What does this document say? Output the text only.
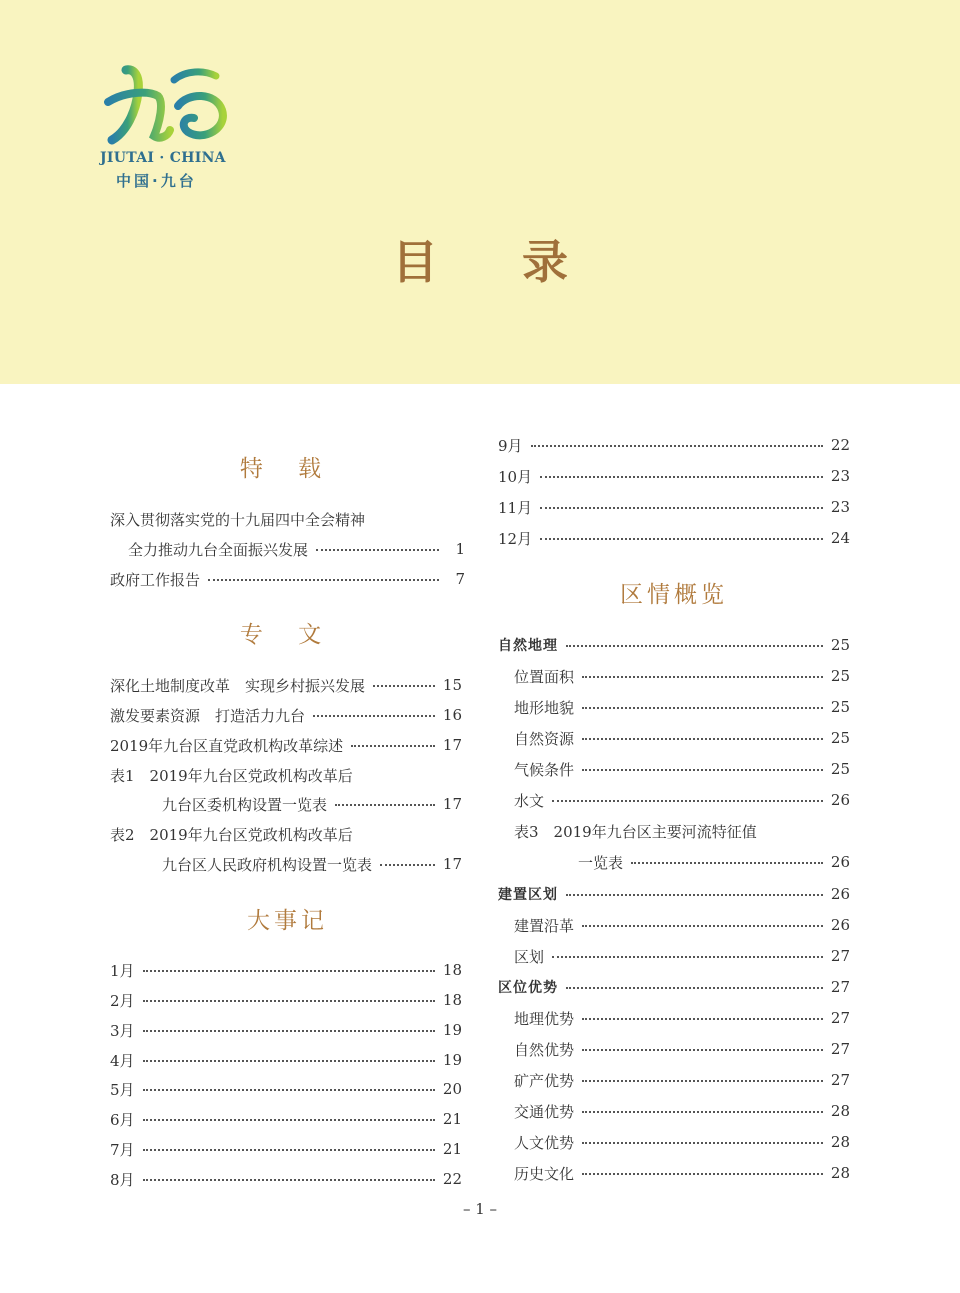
JIUTAI · CHINA
中国·九台
目 录
特 载
深入贯彻落实党的十九届四中全会精神
全力推动九台全面振兴发展	1
政府工作报告	7
专 文
深化土地制度改革　实现乡村振兴发展	15
激发要素资源　打造活力九台	16
2019年九台区直党政机构改革综述	17
表1　2019年九台区党政机构改革后
九台区委机构设置一览表	17
表2　2019年九台区党政机构改革后
九台区人民政府机构设置一览表	17
大事记
1月	18
2月	18
3月	19
4月	19
5月	20
6月	21
7月	21
8月	22
9月	22
10月	23
11月	23
12月	24
区情概览
自然地理	25
位置面积	25
地形地貌	25
自然资源	25
气候条件	25
水文	26
表3　2019年九台区主要河流特征值
一览表	26
建置区划	26
建置沿革	26
区划	27
区位优势	27
地理优势	27
自然优势	27
矿产优势	27
交通优势	28
人文优势	28
历史文化	28
– 1 –
